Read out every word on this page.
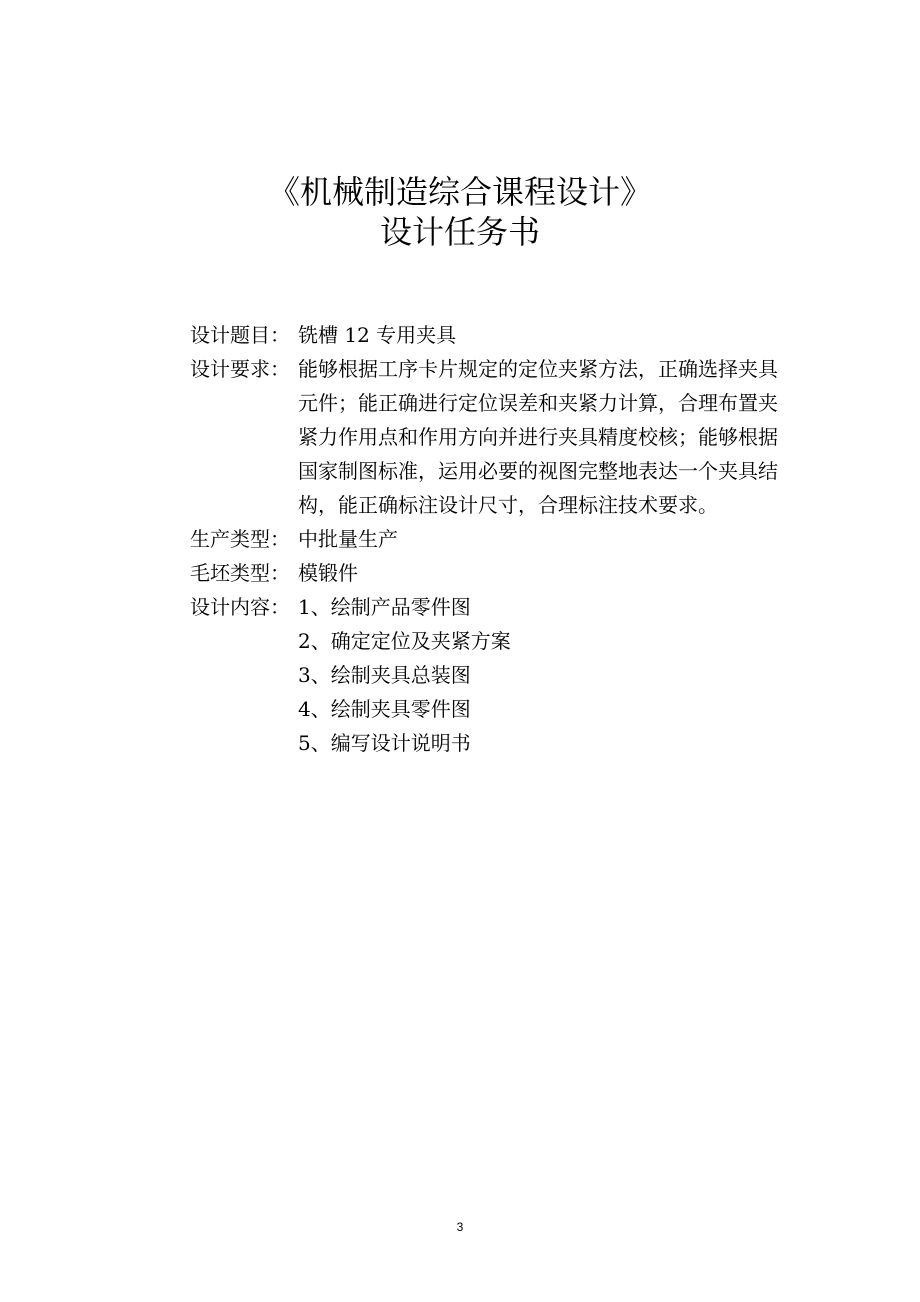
《机械制造综合课程设计》
设计任务书
设计题目： 铣槽 12 专用夹具
设计要求： 能够根据工序卡片规定的定位夹紧方法，正确选择夹具
元件；能正确进行定位误差和夹紧力计算，合理布置夹
紧力作用点和作用方向并进行夹具精度校核；能够根据
国家制图标准，运用必要的视图完整地表达一个夹具结
构，能正确标注设计尺寸，合理标注技术要求。
生产类型： 中批量生产
毛坯类型： 模锻件
设计内容： 1、绘制产品零件图
2、确定定位及夹紧方案
3、绘制夹具总装图
4、绘制夹具零件图
5、编写设计说明书
3
